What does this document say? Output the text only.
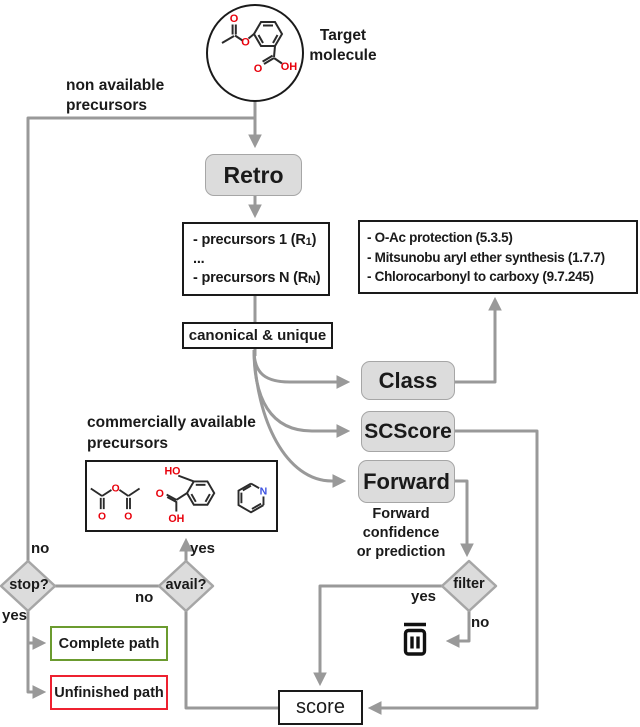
O
O
O OH
Target
molecule
non available
precursors
Retro
- precursors 1 (R1)
...
- precursors N (RN)
- O-Ac protection (5.3.5)
- Mitsunobu aryl ether synthesis (1.7.7)
- Chlorocarbonyl to carboxy (9.7.245)
canonical & unique
Class
SCScore
Forward
commercially available
precursors
O
O O
HO
O
OH
N
Forward
confidence
or prediction
stop?	avail?	filter
no
yes
no
yes
yes
no
Complete path
Unfinished path
score
